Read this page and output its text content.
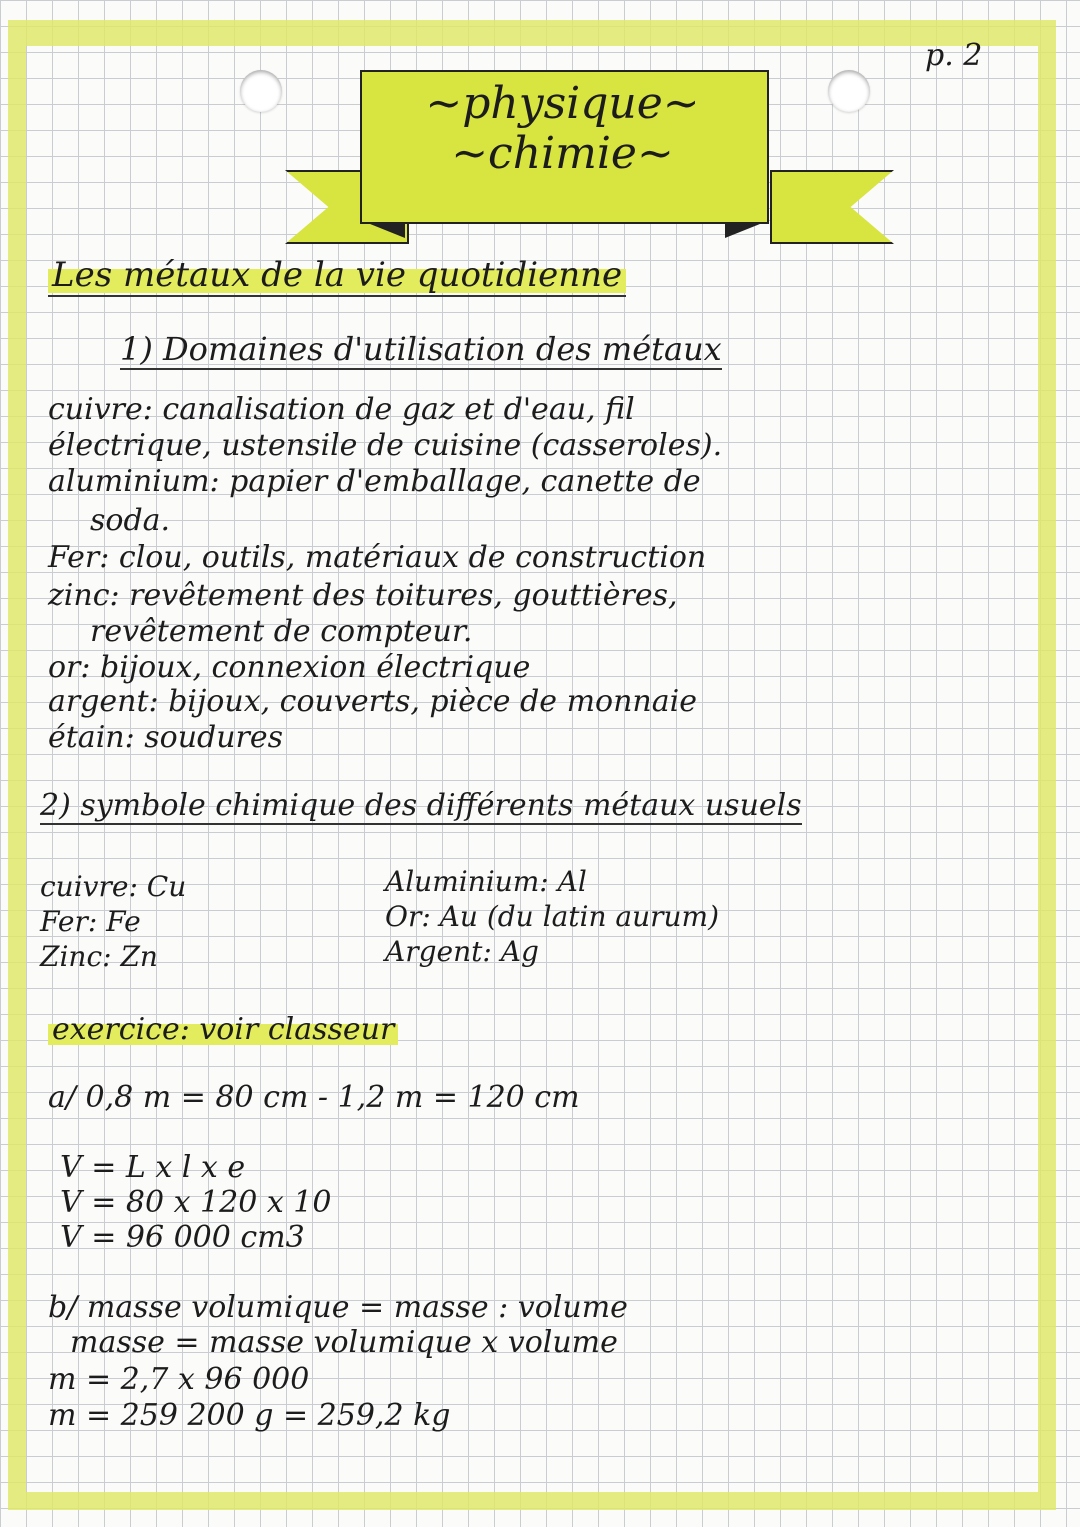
p. 2
~physique~
~chimie~
Les métaux de la vie quotidienne
1) Domaines d'utilisation des métaux
cuivre: canalisation de gaz et d'eau, fil
électrique, ustensile de cuisine (casseroles).
aluminium: papier d'emballage, canette de
soda.
Fer: clou, outils, matériaux de construction
zinc: revêtement des toitures, gouttières,
revêtement de compteur.
or: bijoux, connexion électrique
argent: bijoux, couverts, pièce de monnaie
étain: soudures
2) symbole chimique des différents métaux usuels
cuivre: Cu
Fer: Fe
Zinc: Zn
Aluminium: Al
Or: Au (du latin aurum)
Argent: Ag
exercice: voir classeur
a/ 0,8 m = 80 cm - 1,2 m = 120 cm
V = L x l x e
V = 80 x 120 x 10
V = 96 000 cm3
b/ masse volumique = masse : volume
masse = masse volumique x volume
m = 2,7 x 96 000
m = 259 200 g = 259,2 kg
